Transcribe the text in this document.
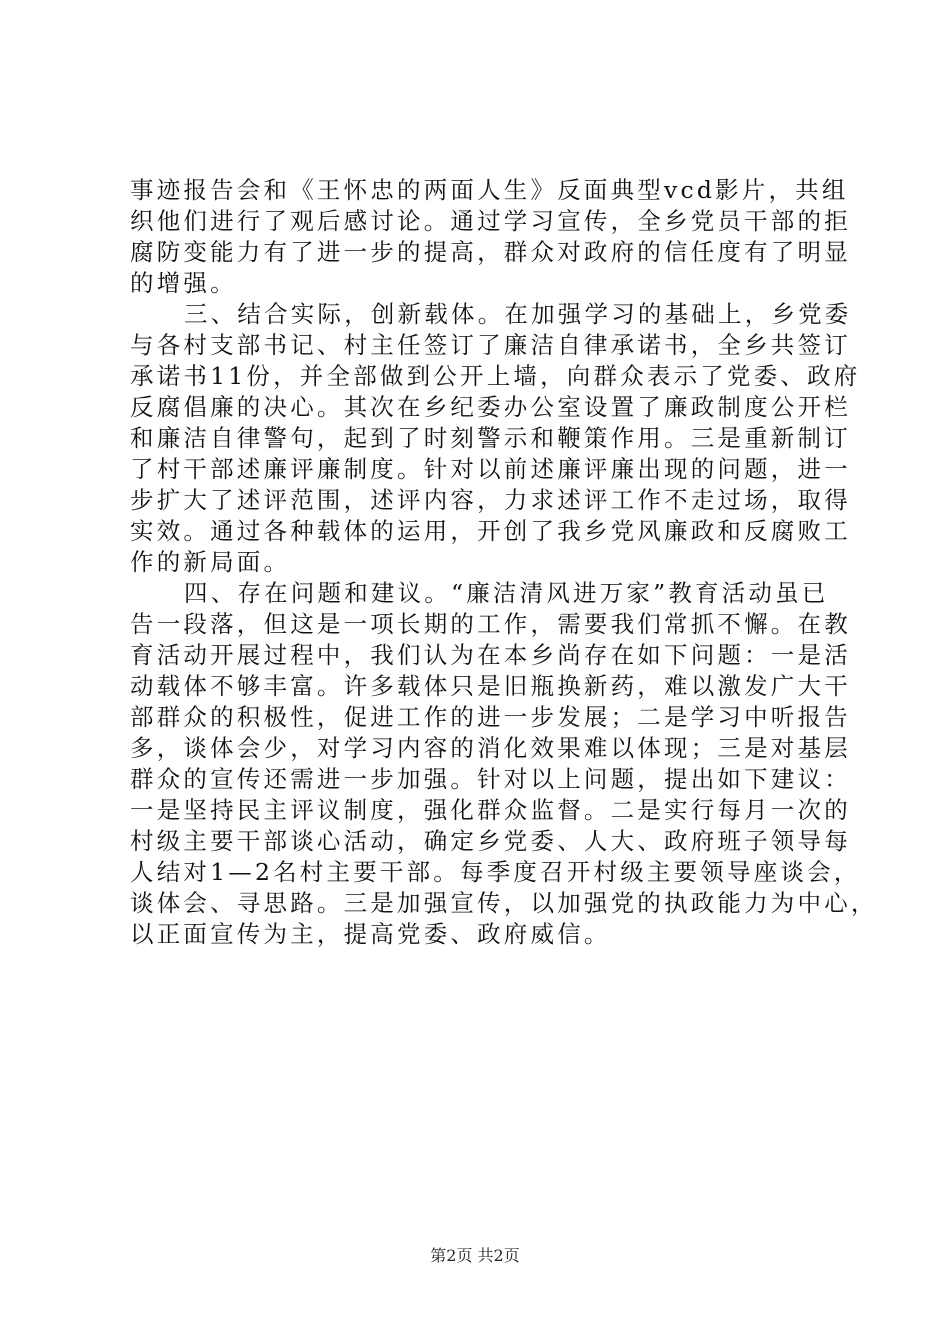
事迹报告会和《王怀忠的两面人生》反面典型vcd影片，共组
织他们进行了观后感讨论。通过学习宣传，全乡党员干部的拒
腐防变能力有了进一步的提高，群众对政府的信任度有了明显
的增强。
三、结合实际，创新载体。在加强学习的基础上，乡党委
与各村支部书记、村主任签订了廉洁自律承诺书，全乡共签订
承诺书11份，并全部做到公开上墙，向群众表示了党委、政府
反腐倡廉的决心。其次在乡纪委办公室设置了廉政制度公开栏
和廉洁自律警句，起到了时刻警示和鞭策作用。三是重新制订
了村干部述廉评廉制度。针对以前述廉评廉出现的问题，进一
步扩大了述评范围，述评内容，力求述评工作不走过场，取得
实效。通过各种载体的运用，开创了我乡党风廉政和反腐败工
作的新局面。
四、存在问题和建议。“廉洁清风进万家”教育活动虽已
告一段落，但这是一项长期的工作，需要我们常抓不懈。在教
育活动开展过程中，我们认为在本乡尚存在如下问题：一是活
动载体不够丰富。许多载体只是旧瓶换新药，难以激发广大干
部群众的积极性，促进工作的进一步发展；二是学习中听报告
多，谈体会少，对学习内容的消化效果难以体现；三是对基层
群众的宣传还需进一步加强。针对以上问题，提出如下建议：
一是坚持民主评议制度，强化群众监督。二是实行每月一次的
村级主要干部谈心活动，确定乡党委、人大、政府班子领导每
人结对1—2名村主要干部。每季度召开村级主要领导座谈会，
谈体会、寻思路。三是加强宣传，以加强党的执政能力为中心，
以正面宣传为主，提高党委、政府威信。
第2页 共2页
